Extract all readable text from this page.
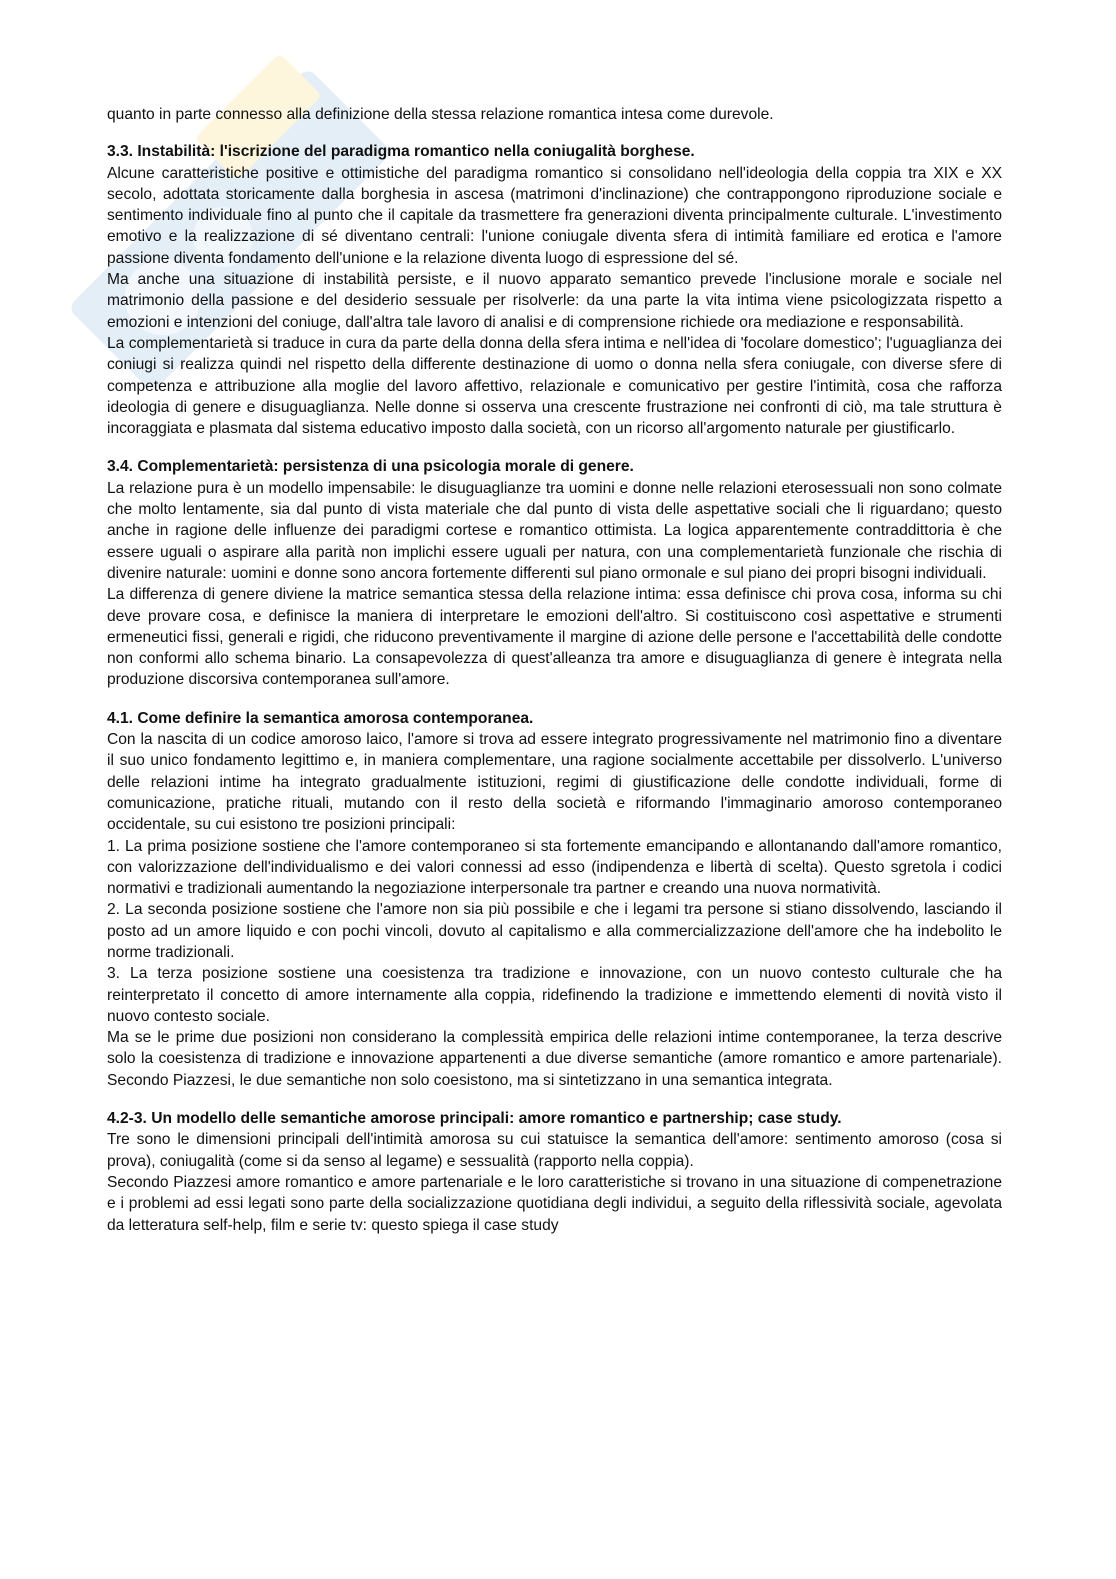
quanto in parte connesso alla definizione della stessa relazione romantica intesa come durevole.

3.3. Instabilità: l'iscrizione del paradigma romantico nella coniugalità borghese.

Alcune caratteristiche positive e ottimistiche del paradigma romantico si consolidano nell'ideologia della coppia tra XIX e XX secolo, adottata storicamente dalla borghesia in ascesa (matrimoni d'inclinazione) che contrappongono riproduzione sociale e sentimento individuale fino al punto che il capitale da trasmettere fra generazioni diventa principalmente culturale. L'investimento emotivo e la realizzazione di sé diventano centrali: l'unione coniugale diventa sfera di intimità familiare ed erotica e l'amore passione diventa fondamento dell'unione e la relazione diventa luogo di espressione del sé.

Ma anche una situazione di instabilità persiste, e il nuovo apparato semantico prevede l'inclusione morale e sociale nel matrimonio della passione e del desiderio sessuale per risolverle: da una parte la vita intima viene psicologizzata rispetto a emozioni e intenzioni del coniuge, dall'altra tale lavoro di analisi e di comprensione richiede ora mediazione e responsabilità.

La complementarietà si traduce in cura da parte della donna della sfera intima e nell'idea di 'focolare domestico'; l'uguaglianza dei coniugi si realizza quindi nel rispetto della differente destinazione di uomo o donna nella sfera coniugale, con diverse sfere di competenza e attribuzione alla moglie del lavoro affettivo, relazionale e comunicativo per gestire l'intimità, cosa che rafforza ideologia di genere e disuguaglianza. Nelle donne si osserva una crescente frustrazione nei confronti di ciò, ma tale struttura è incoraggiata e plasmata dal sistema educativo imposto dalla società, con un ricorso all'argomento naturale per giustificarlo.

3.4. Complementarietà: persistenza di una psicologia morale di genere.

La relazione pura è un modello impensabile: le disuguaglianze tra uomini e donne nelle relazioni eterosessuali non sono colmate che molto lentamente, sia dal punto di vista materiale che dal punto di vista delle aspettative sociali che li riguardano; questo anche in ragione delle influenze dei paradigmi cortese e romantico ottimista. La logica apparentemente contraddittoria è che essere uguali o aspirare alla parità non implichi essere uguali per natura, con una complementarietà funzionale che rischia di divenire naturale: uomini e donne sono ancora fortemente differenti sul piano ormonale e sul piano dei propri bisogni individuali.

La differenza di genere diviene la matrice semantica stessa della relazione intima: essa definisce chi prova cosa, informa su chi deve provare cosa, e definisce la maniera di interpretare le emozioni dell'altro. Si costituiscono così aspettative e strumenti ermeneutici fissi, generali e rigidi, che riducono preventivamente il margine di azione delle persone e l'accettabilità delle condotte non conformi allo schema binario. La consapevolezza di quest'alleanza tra amore e disuguaglianza di genere è integrata nella produzione discorsiva contemporanea sull'amore.

4.1. Come definire la semantica amorosa contemporanea.

Con la nascita di un codice amoroso laico, l'amore si trova ad essere integrato progressivamente nel matrimonio fino a diventare il suo unico fondamento legittimo e, in maniera complementare, una ragione socialmente accettabile per dissolverlo. L'universo delle relazioni intime ha integrato gradualmente istituzioni, regimi di giustificazione delle condotte individuali, forme di comunicazione, pratiche rituali, mutando con il resto della società e riformando l'immaginario amoroso contemporaneo occidentale, su cui esistono tre posizioni principali:

1. La prima posizione sostiene che l'amore contemporaneo si sta fortemente emancipando e allontanando dall'amore romantico, con valorizzazione dell'individualismo e dei valori connessi ad esso (indipendenza e libertà di scelta). Questo sgretola i codici normativi e tradizionali aumentando la negoziazione interpersonale tra partner e creando una nuova normatività.

2. La seconda posizione sostiene che l'amore non sia più possibile e che i legami tra persone si stiano dissolvendo, lasciando il posto ad un amore liquido e con pochi vincoli, dovuto al capitalismo e alla commercializzazione dell'amore che ha indebolito le norme tradizionali.

3. La terza posizione sostiene una coesistenza tra tradizione e innovazione, con un nuovo contesto culturale che ha reinterpretato il concetto di amore internamente alla coppia, ridefinendo la tradizione e immettendo elementi di novità visto il nuovo contesto sociale.

Ma se le prime due posizioni non considerano la complessità empirica delle relazioni intime contemporanee, la terza descrive solo la coesistenza di tradizione e innovazione appartenenti a due diverse semantiche (amore romantico e amore partenariale). Secondo Piazzesi, le due semantiche non solo coesistono, ma si sintetizzano in una semantica integrata.

4.2-3. Un modello delle semantiche amorose principali: amore romantico e partnership; case study.

Tre sono le dimensioni principali dell'intimità amorosa su cui statuisce la semantica dell'amore: sentimento amoroso (cosa si prova), coniugalità (come si da senso al legame) e sessualità (rapporto nella coppia).

Secondo Piazzesi amore romantico e amore partenariale e le loro caratteristiche si trovano in una situazione di compenetrazione e i problemi ad essi legati sono parte della socializzazione quotidiana degli individui, a seguito della riflessività sociale, agevolata da letteratura self-help, film e serie tv: questo spiega il case study
